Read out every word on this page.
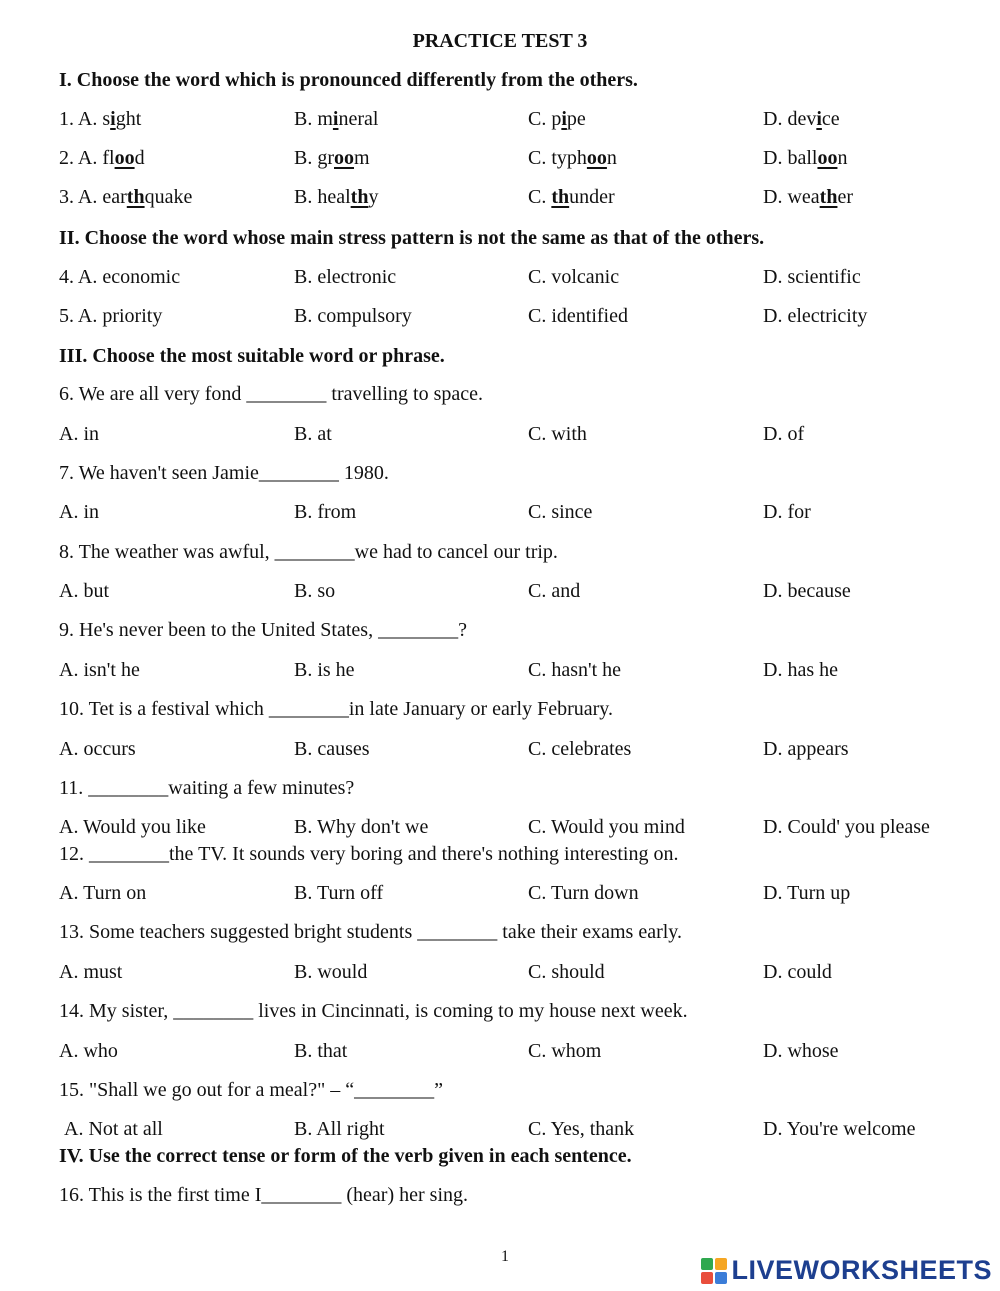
PRACTICE TEST 3
I. Choose the word which is pronounced differently from the others.
1. A. sight	B. mineral	C. pipe	D. device
2. A. flood	B. groom	C. typhoon	D. balloon
3. A. earthquake	B. healthy	C. thunder	D. weather
II. Choose the word whose main stress pattern is not the same as that of the others.
4. A. economic	B. electronic	C. volcanic	D. scientific
5. A. priority	B. compulsory	C. identified	D. electricity
III. Choose the most suitable word or phrase.
6. We are all very fond ________ travelling to space.
A. in	B. at	C. with	D. of
7. We haven't seen Jamie________ 1980.
A. in	B. from	C. since	D. for
8. The weather was awful, ________we had to cancel our trip.
A. but	B. so	C. and	D. because
9. He's never been to the United States, ________?
A. isn't he	B. is he	C. hasn't he	D. has he
10. Tet is a festival which ________in late January or early February.
A. occurs	B. causes	C. celebrates	D. appears
11. ________waiting a few minutes?
A. Would you like	B. Why don't we	C. Would you mind	D. Could' you please
12. ________the TV. It sounds very boring and there's nothing interesting on.
A. Turn on	B. Turn off	C. Turn down	D. Turn up
13. Some teachers suggested bright students ________ take their exams early.
A. must	B. would	C. should	D. could
14. My sister, ________ lives in Cincinnati, is coming to my house next week.
A. who	B. that	C. whom	D. whose
15. "Shall we go out for a meal?" – “________”
A. Not at all	B. All right	C. Yes, thank	D. You're welcome
IV. Use the correct tense or form of the verb given in each sentence.
16. This is the first time I________ (hear) her sing.
1	LIVEWORKSHEETS
